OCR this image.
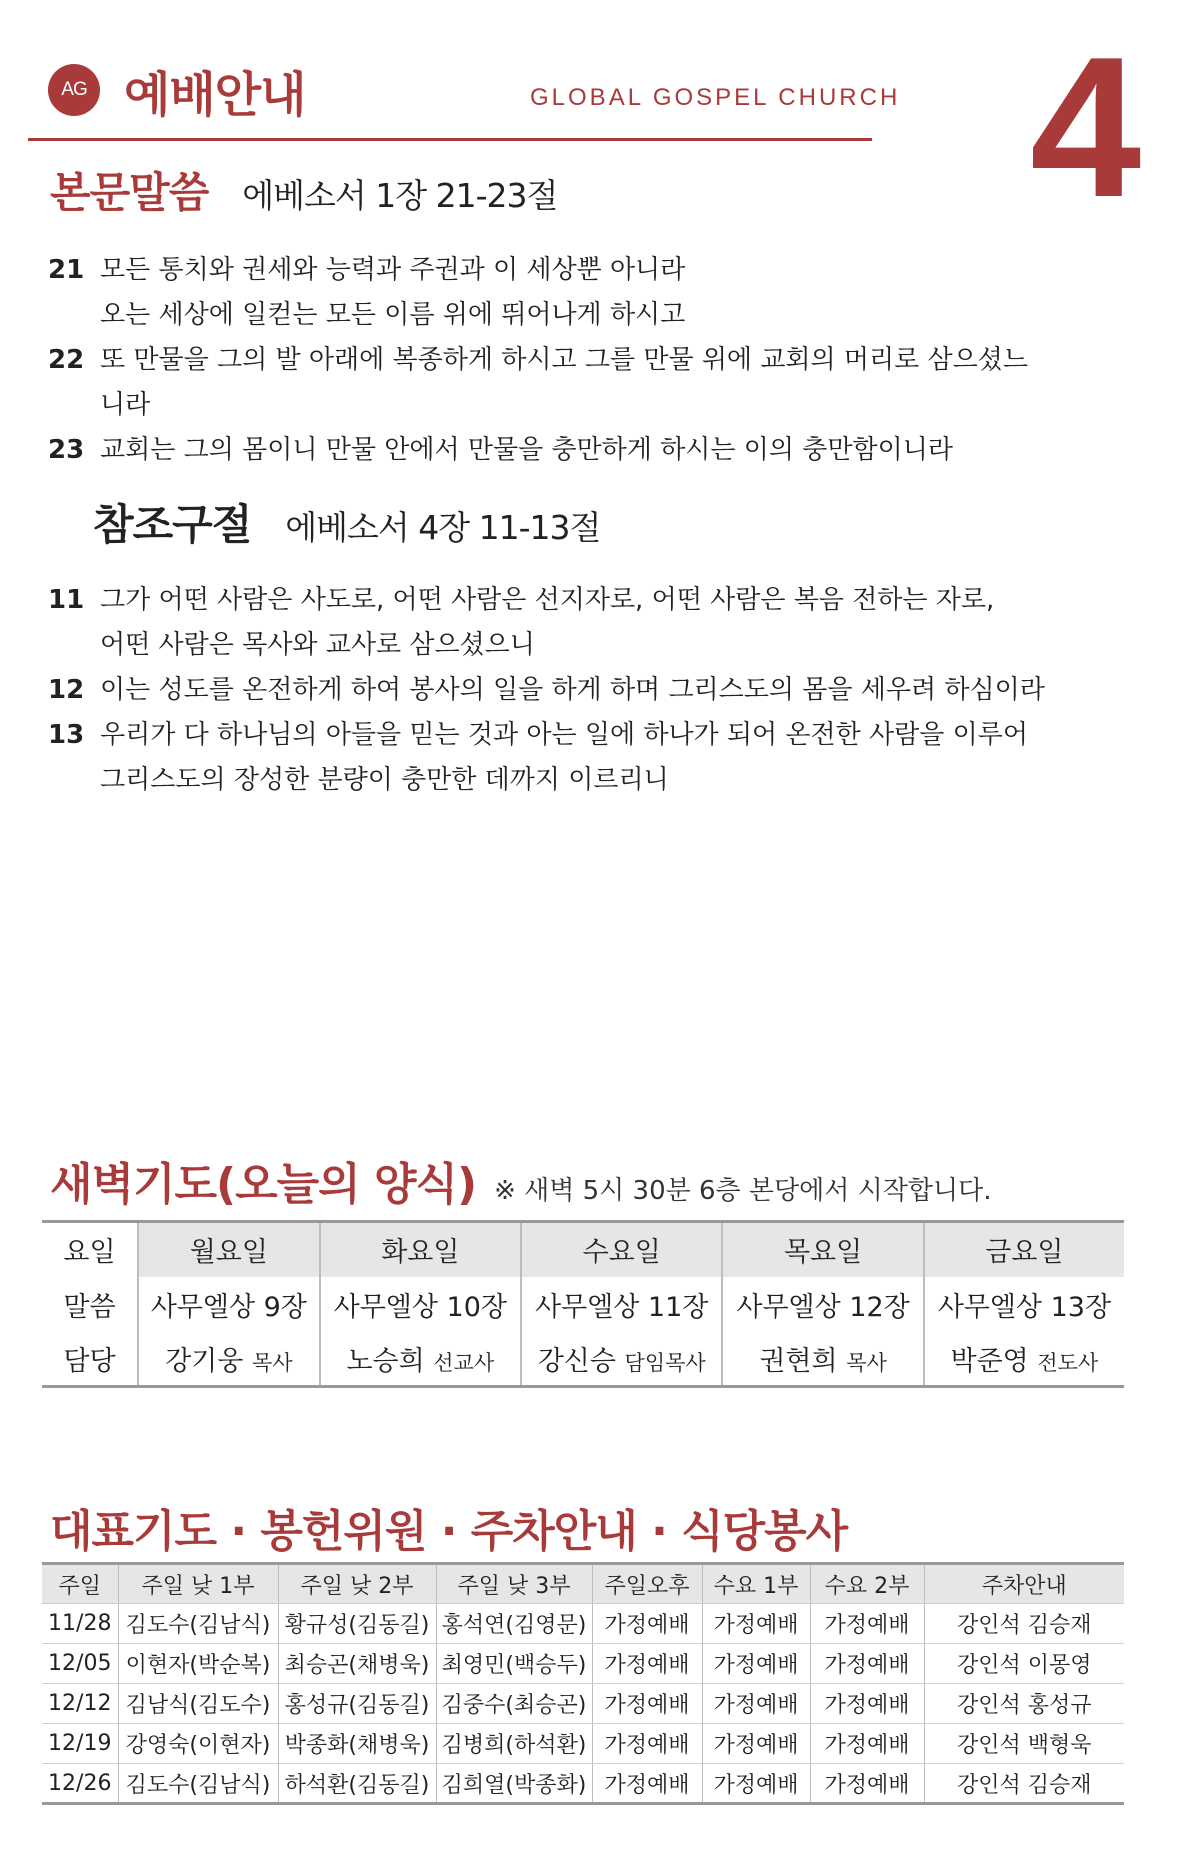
AG 예배안내	GLOBAL GOSPEL CHURCH 4
본문말씀 에베소서 1장 21-23절
21 모든 통치와 권세와 능력과 주권과 이 세상뿐 아니라
오는 세상에 일컫는 모든 이름 위에 뛰어나게 하시고
22 또 만물을 그의 발 아래에 복종하게 하시고 그를 만물 위에 교회의 머리로 삼으셨느니라
23 교회는 그의 몸이니 만물 안에서 만물을 충만하게 하시는 이의 충만함이니라
참조구절 에베소서 4장 11-13절
11 그가 어떤 사람은 사도로, 어떤 사람은 선지자로, 어떤 사람은 복음 전하는 자로,
어떤 사람은 목사와 교사로 삼으셨으니
12 이는 성도를 온전하게 하여 봉사의 일을 하게 하며 그리스도의 몸을 세우려 하심이라
13 우리가 다 하나님의 아들을 믿는 것과 아는 일에 하나가 되어 온전한 사람을 이루어
그리스도의 장성한 분량이 충만한 데까지 이르리니
새벽기도(오늘의 양식) ※ 새벽 5시 30분 6층 본당에서 시작합니다.
요일	월요일	화요일	수요일	목요일	금요일
말씀	사무엘상 9장	사무엘상 10장	사무엘상 11장	사무엘상 12장	사무엘상 13장
담당	강기웅 목사	노승희 선교사	강신승 담임목사	권현희 목사	박준영 전도사
대표기도 · 봉헌위원 · 주차안내 · 식당봉사
주일	주일 낮 1부	주일 낮 2부	주일 낮 3부	주일오후	수요 1부	수요 2부	주차안내
11/28	김도수(김남식)	황규성(김동길)	홍석연(김영문)	가정예배	가정예배	가정예배	강인석 김승재
12/05	이현자(박순복)	최승곤(채병욱)	최영민(백승두)	가정예배	가정예배	가정예배	강인석 이몽영
12/12	김남식(김도수)	홍성규(김동길)	김중수(최승곤)	가정예배	가정예배	가정예배	강인석 홍성규
12/19	강영숙(이현자)	박종화(채병욱)	김병희(하석환)	가정예배	가정예배	가정예배	강인석 백형욱
12/26	김도수(김남식)	하석환(김동길)	김희열(박종화)	가정예배	가정예배	가정예배	강인석 김승재
